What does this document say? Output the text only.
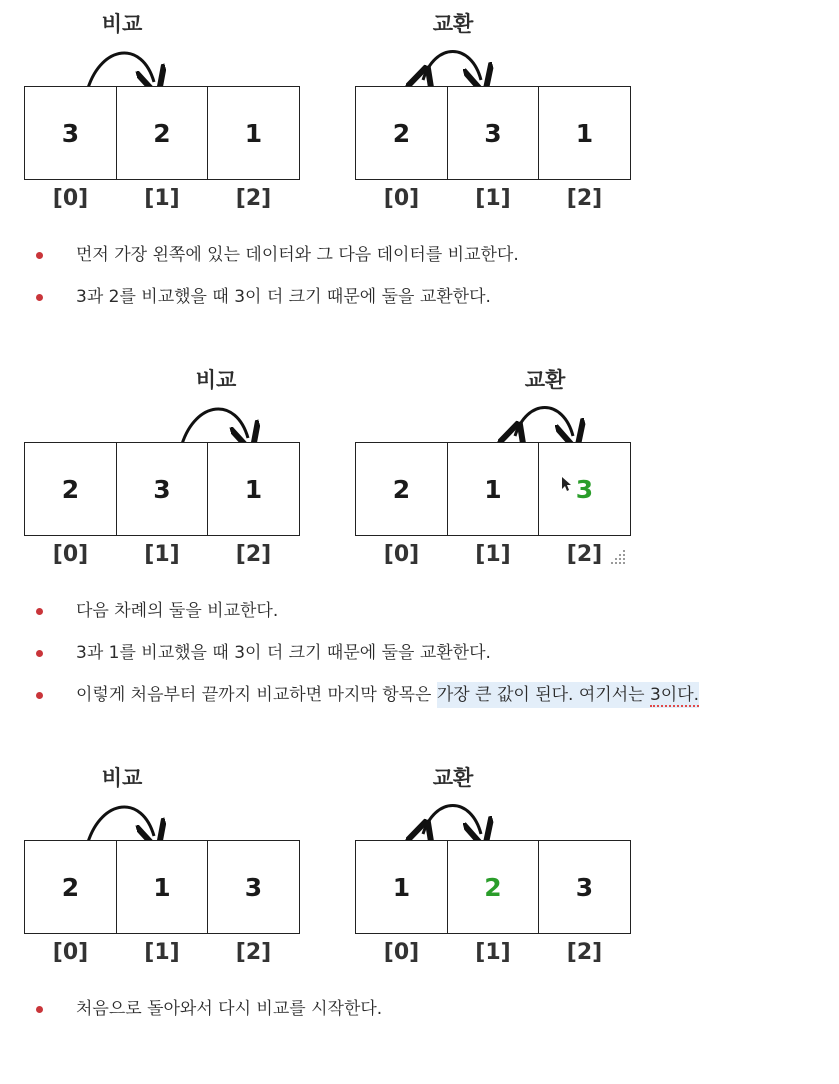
비교
3	2	1
[0]	[1]	[2]
교환
2	3	1
[0]	[1]	[2]
먼저 가장 왼쪽에 있는 데이터와 그 다음 데이터를 비교한다.
3과 2를 비교했을 때 3이 더 크기 때문에 둘을 교환한다.
비교
2	3	1
[0]	[1]	[2]
교환
2	1	3
[0]	[1]	[2]
다음 차례의 둘을 비교한다.
3과 1를 비교했을 때 3이 더 크기 때문에 둘을 교환한다.
이렇게 처음부터 끝까지 비교하면 마지막 항목은 가장 큰 값이 된다. 여기서는 3이다.
비교
2	1	3
[0]	[1]	[2]
교환
1	2	3
[0]	[1]	[2]
처음으로 돌아와서 다시 비교를 시작한다.
